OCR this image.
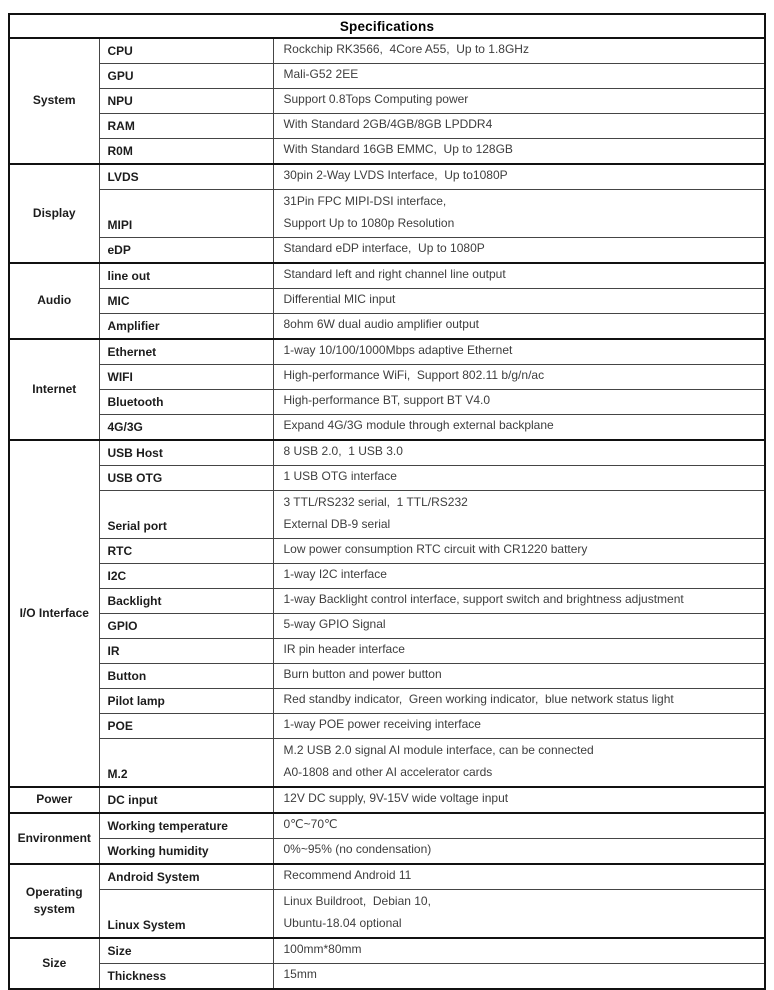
Specifications		
System	CPU	Rockchip RK3566,  4Core A55,  Up to 1.8GHz

	GPU	Mali-G52 2EE

	NPU	Support 0.8Tops Computing power

	RAM	With Standard 2GB/4GB/8GB LPDDR4

	R0M	With Standard 16GB EMMC,  Up to 128GB

Display	LVDS	30pin 2-Way LVDS Interface,  Up to1080P

	MIPI	31Pin FPC MIPI-DSI interface,
Support Up to 1080p Resolution

	eDP	Standard eDP interface,  Up to 1080P

Audio	line out	Standard left and right channel line output

	MIC	Differential MIC input

	Amplifier	8ohm 6W dual audio amplifier output

Internet	Ethernet	1-way 10/100/1000Mbps adaptive Ethernet

	WIFI	High-performance WiFi,  Support 802.11 b/g/n/ac

	Bluetooth	High-performance BT, support BT V4.0

	4G/3G	Expand 4G/3G module through external backplane

I/O Interface	USB Host	8 USB 2.0,  1 USB 3.0

	USB OTG	1 USB OTG interface

	Serial port	3 TTL/RS232 serial,  1 TTL/RS232
External DB-9 serial

	RTC	Low power consumption RTC circuit with CR1220 battery

	I2C	1-way I2C interface

	Backlight	1-way Backlight control interface, support switch and brightness adjustment

	GPIO	5-way GPIO Signal

	IR	IR pin header interface

	Button	Burn button and power button

	Pilot lamp	Red standby indicator,  Green working indicator,  blue network status light

	POE	1-way POE power receiving interface

	M.2	M.2 USB 2.0 signal AI module interface, can be connected
A0-1808 and other AI accelerator cards

Power	DC input	12V DC supply, 9V-15V wide voltage input

Environment	Working temperature	0℃~70℃

	Working humidity	0%~95% (no condensation)

Operating system	Android System	Recommend Android 11

	Linux System	Linux Buildroot,  Debian 10,
Ubuntu-18.04 optional

Size	Size	100mm*80mm

	Thickness	15mm
